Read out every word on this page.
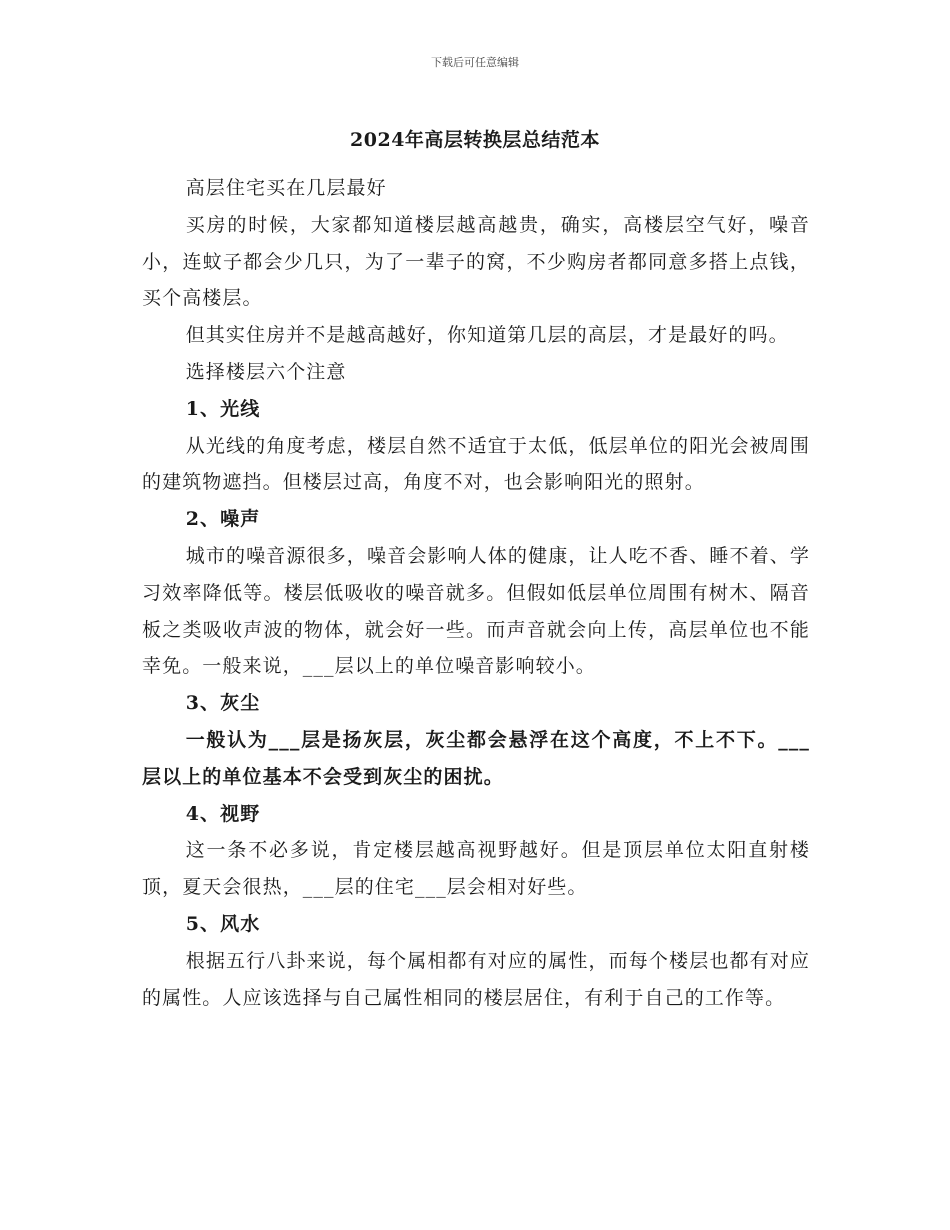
下载后可任意编辑
2024年高层转换层总结范本

高层住宅买在几层最好

买房的时候，大家都知道楼层越高越贵，确实，高楼层空气好，噪音小，连蚊子都会少几只，为了一辈子的窝，不少购房者都同意多搭上点钱，买个高楼层。

但其实住房并不是越高越好，你知道第几层的高层，才是最好的吗。

选择楼层六个注意

1、光线

从光线的角度考虑，楼层自然不适宜于太低，低层单位的阳光会被周围的建筑物遮挡。但楼层过高，角度不对，也会影响阳光的照射。

2、噪声

城市的噪音源很多，噪音会影响人体的健康，让人吃不香、睡不着、学习效率降低等。楼层低吸收的噪音就多。但假如低层单位周围有树木、隔音板之类吸收声波的物体，就会好一些。而声音就会向上传，高层单位也不能幸免。一般来说，___层以上的单位噪音影响较小。

3、灰尘

一般认为___层是扬灰层，灰尘都会悬浮在这个高度，不上不下。___层以上的单位基本不会受到灰尘的困扰。

4、视野

这一条不必多说，肯定楼层越高视野越好。但是顶层单位太阳直射楼顶，夏天会很热，___层的住宅___层会相对好些。

5、风水

根据五行八卦来说，每个属相都有对应的属性，而每个楼层也都有对应的属性。人应该选择与自己属性相同的楼层居住，有利于自己的工作等。
